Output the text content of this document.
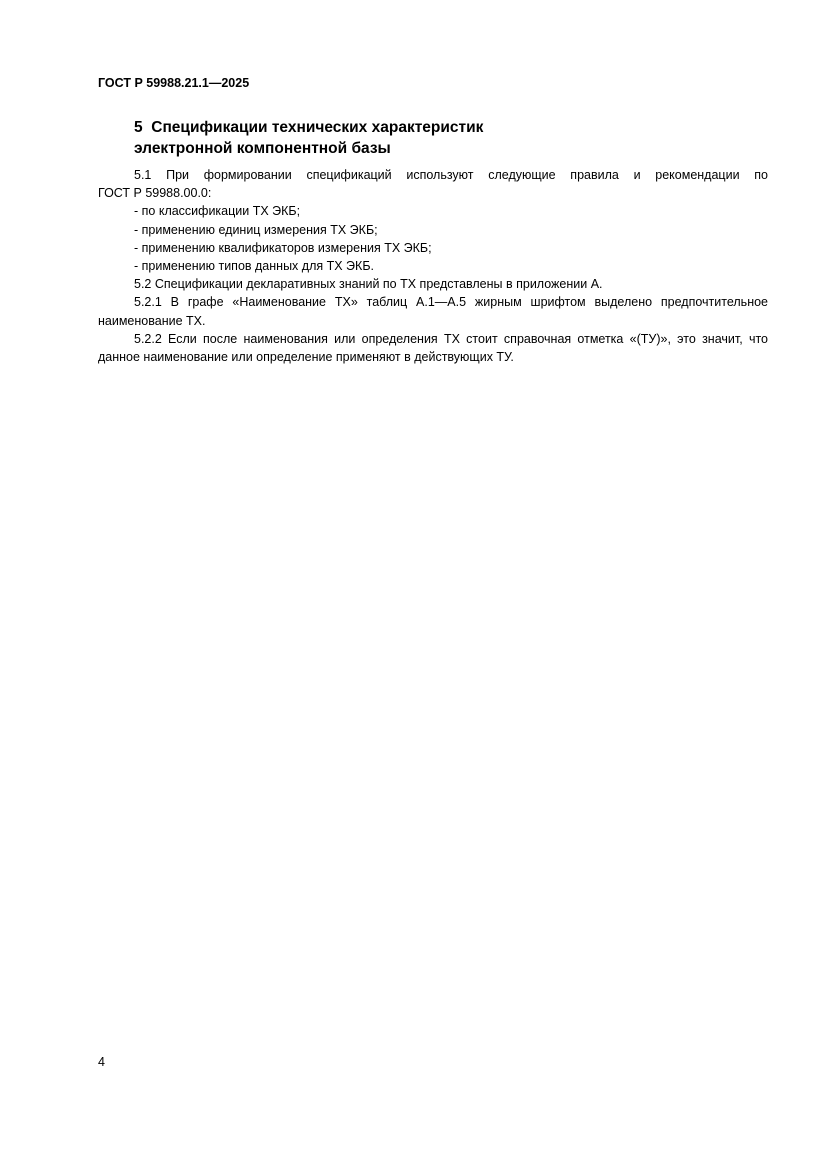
ГОСТ Р 59988.21.1—2025
5 Спецификации технических характеристик
электронной компонентной базы

5.1 При формировании спецификаций используют следующие правила и рекомендации по

ГОСТ Р 59988.00.0:

- по классификации ТХ ЭКБ;

- применению единиц измерения ТХ ЭКБ;

- применению квалификаторов измерения ТХ ЭКБ;

- применению типов данных для ТХ ЭКБ.

5.2 Спецификации декларативных знаний по ТХ представлены в приложении А.

5.2.1 В графе «Наименование ТХ» таблиц А.1—А.5 жирным шрифтом выделено предпочтительное наименование ТХ.

5.2.2 Если после наименования или определения ТХ стоит справочная отметка «(ТУ)», это значит, что данное наименование или определение применяют в действующих ТУ.

4
